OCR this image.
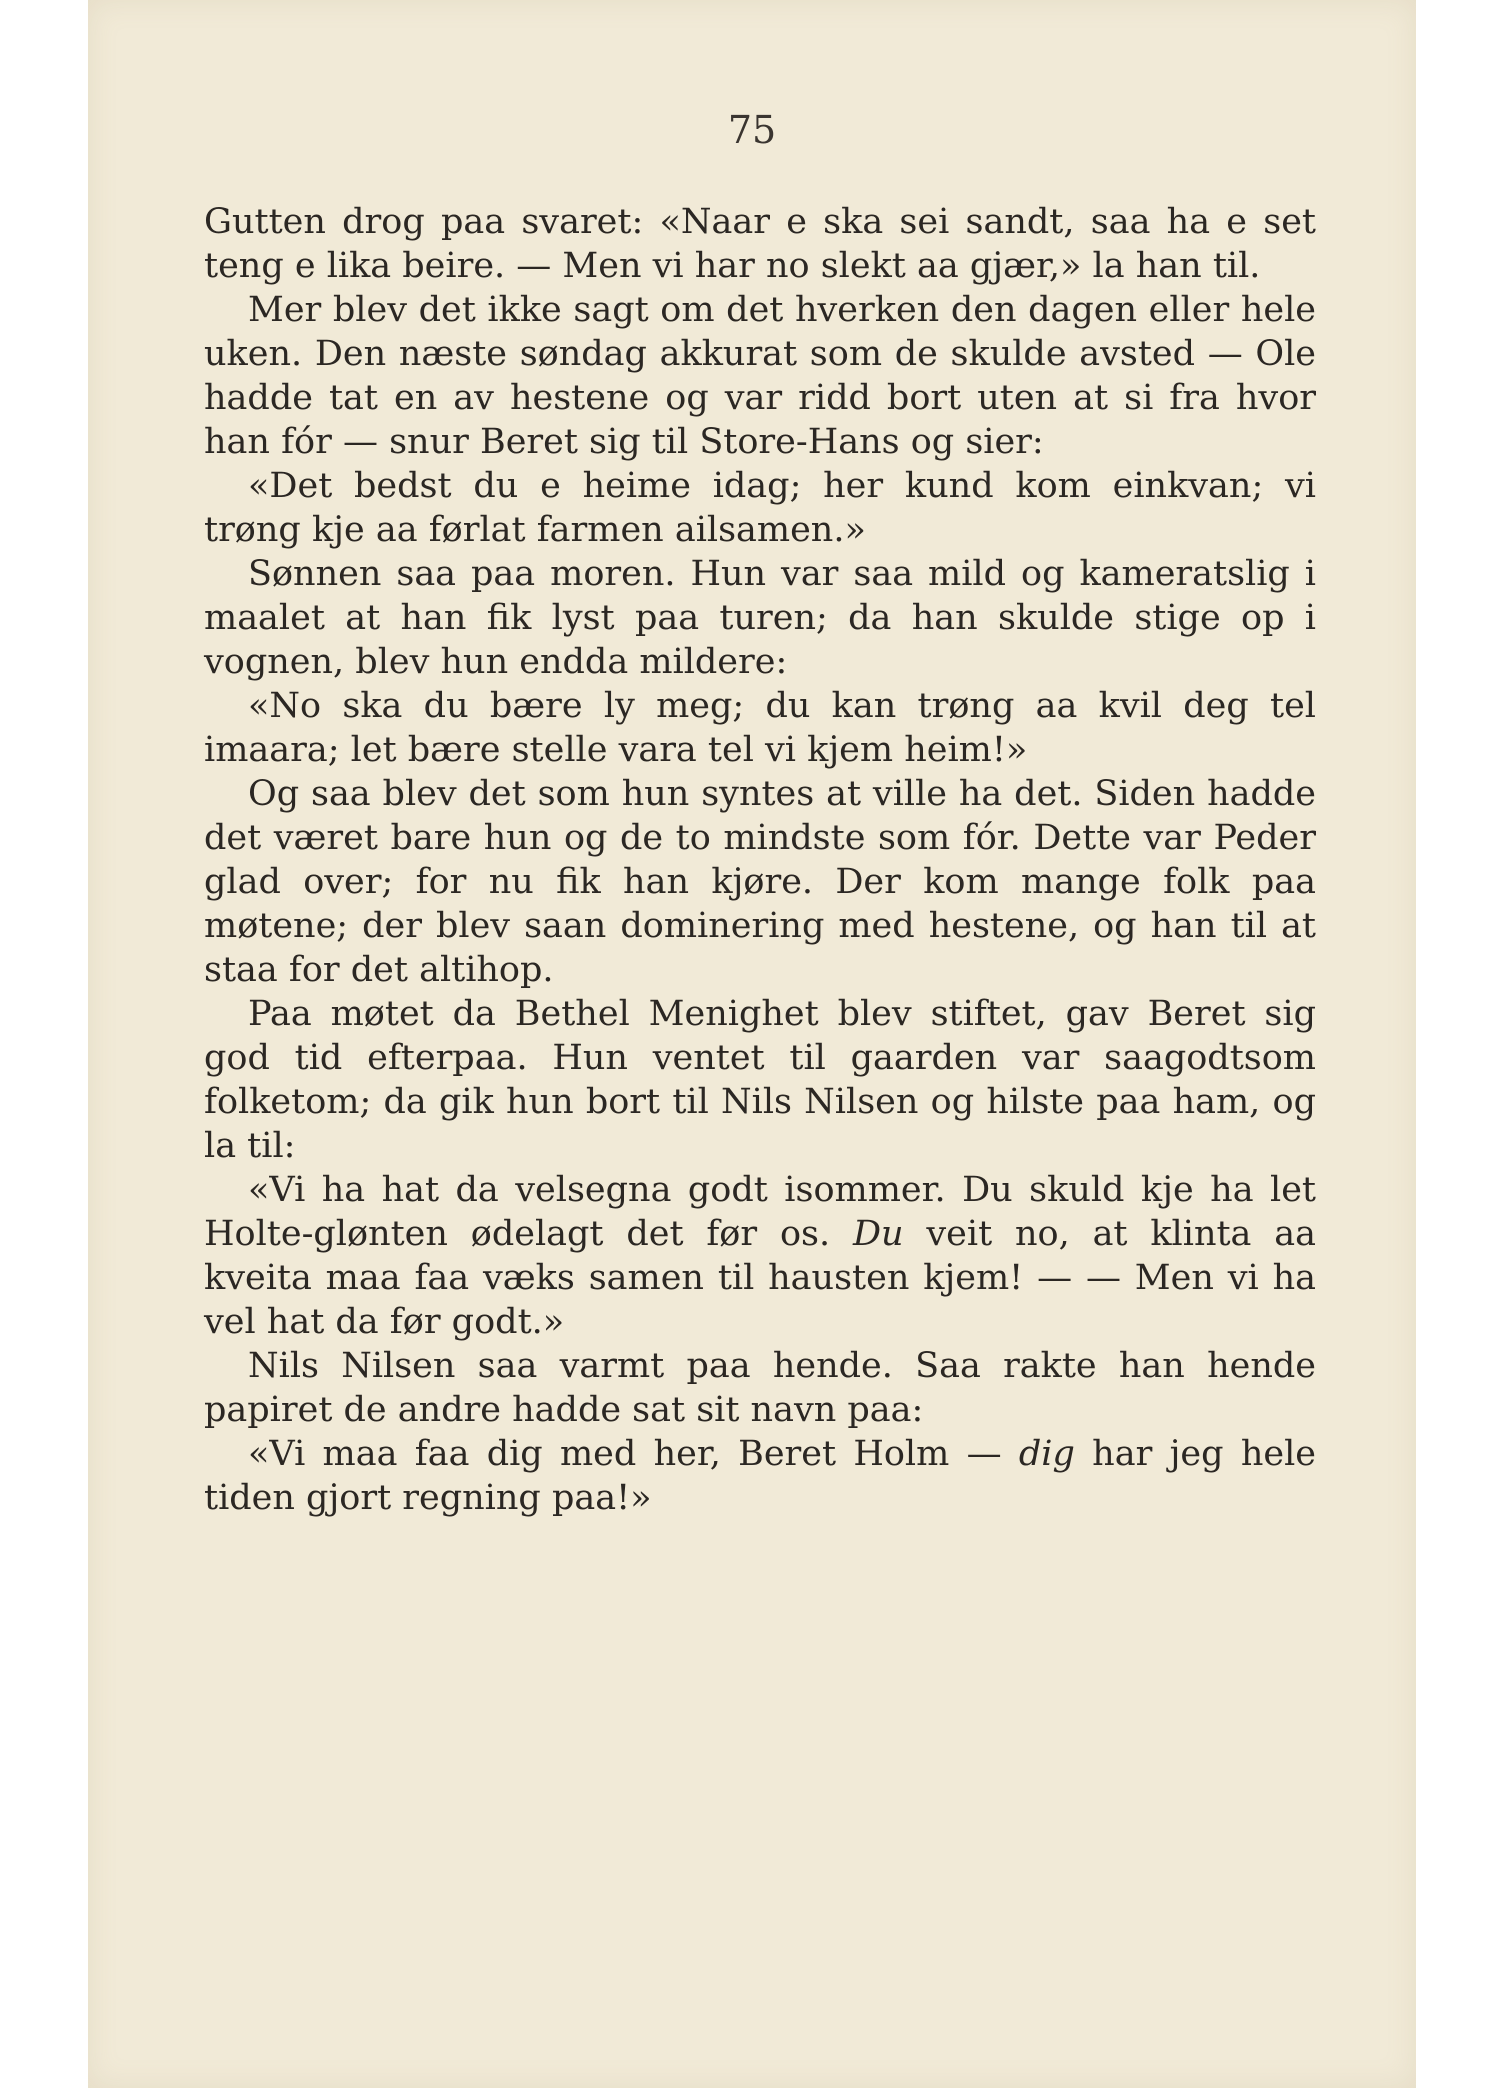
75

Gutten drog paa svaret: «Naar e ska sei sandt, saa ha e set teng e lika beire. — Men vi har no slekt aa gjær,» la han til.

Mer blev det ikke sagt om det hverken den dagen eller hele uken. Den næste søndag akkurat som de skulde avsted — Ole hadde tat en av hestene og var ridd bort uten at si fra hvor han fór — snur Beret sig til Store-Hans og sier:

«Det bedst du e heime idag; her kund kom einkvan; vi trøng kje aa førlat farmen ailsamen.»

Sønnen saa paa moren. Hun var saa mild og kameratslig i maalet at han fik lyst paa turen; da han skulde stige op i vognen, blev hun endda mildere:

«No ska du bære ly meg; du kan trøng aa kvil deg tel imaara; let bære stelle vara tel vi kjem heim!»

Og saa blev det som hun syntes at ville ha det. Siden hadde det været bare hun og de to mindste som fór. Dette var Peder glad over; for nu fik han kjøre. Der kom mange folk paa møtene; der blev saan dominering med hestene, og han til at staa for det altihop.

Paa møtet da Bethel Menighet blev stiftet, gav Beret sig god tid efterpaa. Hun ventet til gaarden var saagodtsom folketom; da gik hun bort til Nils Nilsen og hilste paa ham, og la til:

«Vi ha hat da velsegna godt isommer. Du skuld kje ha let Holte-glønten ødelagt det før os. Du veit no, at klinta aa kveita maa faa væks samen til hausten kjem! — — Men vi ha vel hat da før godt.»

Nils Nilsen saa varmt paa hende. Saa rakte han hende papiret de andre hadde sat sit navn paa:

«Vi maa faa dig med her, Beret Holm — dig har jeg hele tiden gjort regning paa!»
